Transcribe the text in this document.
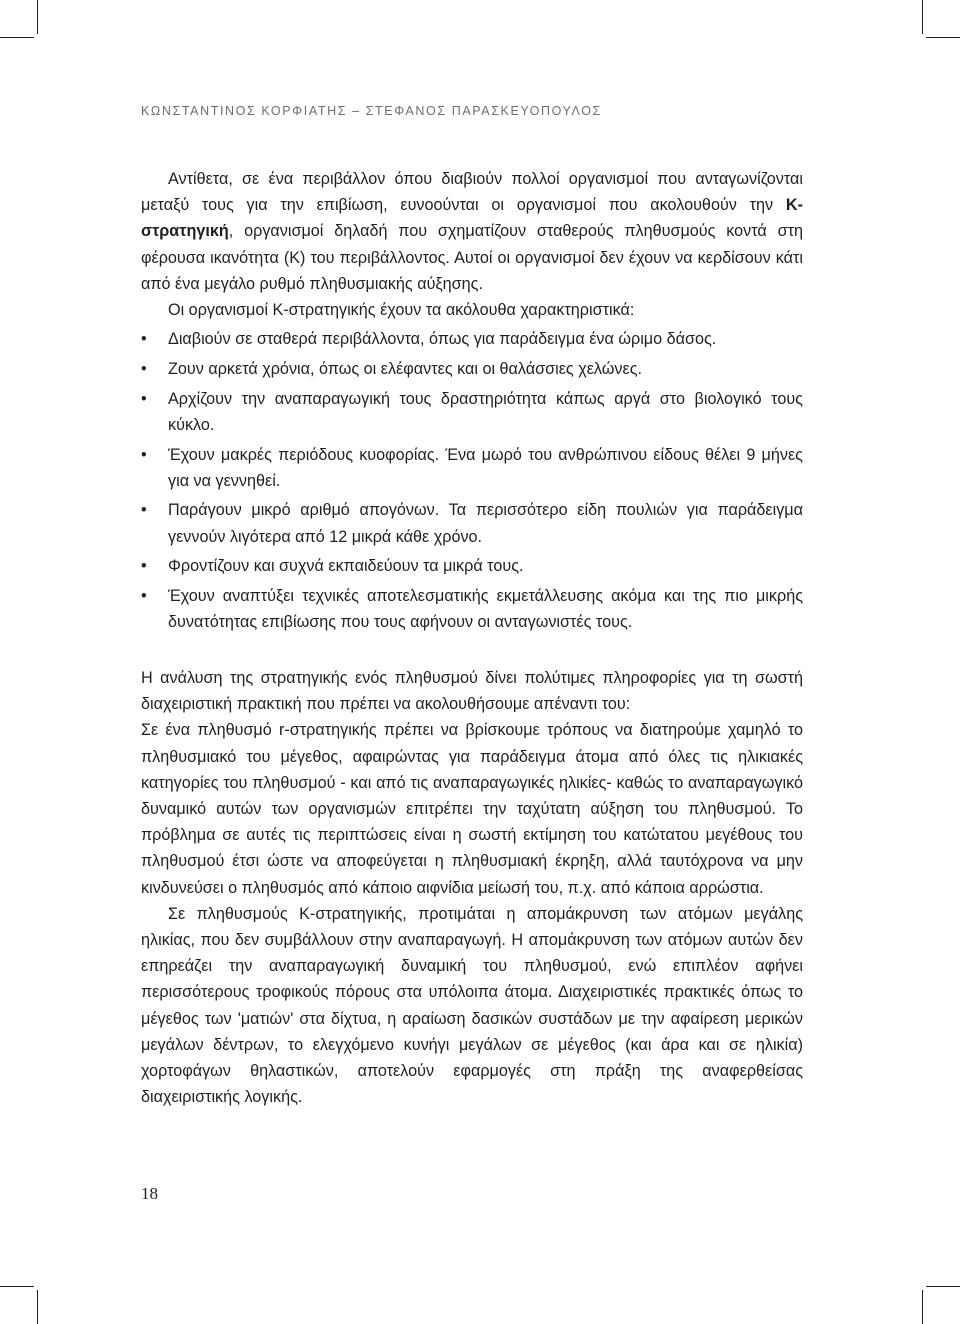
ΚΩΝΣΤΑΝΤΙΝΟΣ ΚΟΡΦΙΑΤΗΣ – ΣΤΕΦΑΝΟΣ ΠΑΡΑΣΚΕΥΟΠΟΥΛΟΣ

Αντίθετα, σε ένα περιβάλλον όπου διαβιούν πολλοί οργανισμοί που ανταγωνίζονται μεταξύ τους για την επιβίωση, ευνοούνται οι οργανισμοί που ακολουθούν την Κ-στρατηγική, οργανισμοί δηλαδή που σχηματίζουν σταθερούς πληθυσμούς κοντά στη φέρουσα ικανότητα (Κ) του περιβάλλοντος. Αυτοί οι οργανισμοί δεν έχουν να κερδίσουν κάτι από ένα μεγάλο ρυθμό πληθυσμιακής αύξησης.

Οι οργανισμοί Κ-στρατηγικής έχουν τα ακόλουθα χαρακτηριστικά:

• Διαβιούν σε σταθερά περιβάλλοντα, όπως για παράδειγμα ένα ώριμο δάσος.
• Ζουν αρκετά χρόνια, όπως οι ελέφαντες και οι θαλάσσιες χελώνες.
• Αρχίζουν την αναπαραγωγική τους δραστηριότητα κάπως αργά στο βιολογικό τους κύκλο.
• Έχουν μακρές περιόδους κυοφορίας. Ένα μωρό του ανθρώπινου είδους θέλει 9 μήνες για να γεννηθεί.
• Παράγουν μικρό αριθμό απογόνων. Τα περισσότερο είδη πουλιών για παράδειγμα γεννούν λιγότερα από 12 μικρά κάθε χρόνο.
• Φροντίζουν και συχνά εκπαιδεύουν τα μικρά τους.
• Έχουν αναπτύξει τεχνικές αποτελεσματικής εκμετάλλευσης ακόμα και της πιο μικρής δυνατότητας επιβίωσης που τους αφήνουν οι ανταγωνιστές τους.

Η ανάλυση της στρατηγικής ενός πληθυσμού δίνει πολύτιμες πληροφορίες για τη σωστή διαχειριστική πρακτική που πρέπει να ακολουθήσουμε απέναντι του:

Σε ένα πληθυσμό r-στρατηγικής πρέπει να βρίσκουμε τρόπους να διατηρούμε χαμηλό το πληθυσμιακό του μέγεθος, αφαιρώντας για παράδειγμα άτομα από όλες τις ηλικιακές κατηγορίες του πληθυσμού - και από τις αναπαραγωγικές ηλικίες- καθώς το αναπαραγωγικό δυναμικό αυτών των οργανισμών επιτρέπει την ταχύτατη αύξηση του πληθυσμού. Το πρόβλημα σε αυτές τις περιπτώσεις είναι η σωστή εκτίμηση του κατώτατου μεγέθους του πληθυσμού έτσι ώστε να αποφεύγεται η πληθυσμιακή έκρηξη, αλλά ταυτόχρονα να μην κινδυνεύσει ο πληθυσμός από κάποιο αιφνίδια μείωσή του, π.χ. από κάποια αρρώστια.

Σε πληθυσμούς Κ-στρατηγικής, προτιμάται η απομάκρυνση των ατόμων μεγάλης ηλικίας, που δεν συμβάλλουν στην αναπαραγωγή. Η απομάκρυνση των ατόμων αυτών δεν επηρεάζει την αναπαραγωγική δυναμική του πληθυσμού, ενώ επιπλέον αφήνει περισσότερους τροφικούς πόρους στα υπόλοιπα άτομα. Διαχειριστικές πρακτικές όπως το μέγεθος των 'ματιών' στα δίχτυα, η αραίωση δασικών συστάδων με την αφαίρεση μερικών μεγάλων δέντρων, το ελεγχόμενο κυνήγι μεγάλων σε μέγεθος (και άρα και σε ηλικία) χορτοφάγων θηλαστικών, αποτελούν εφαρμογές στη πράξη της αναφερθείσας διαχειριστικής λογικής.

18
